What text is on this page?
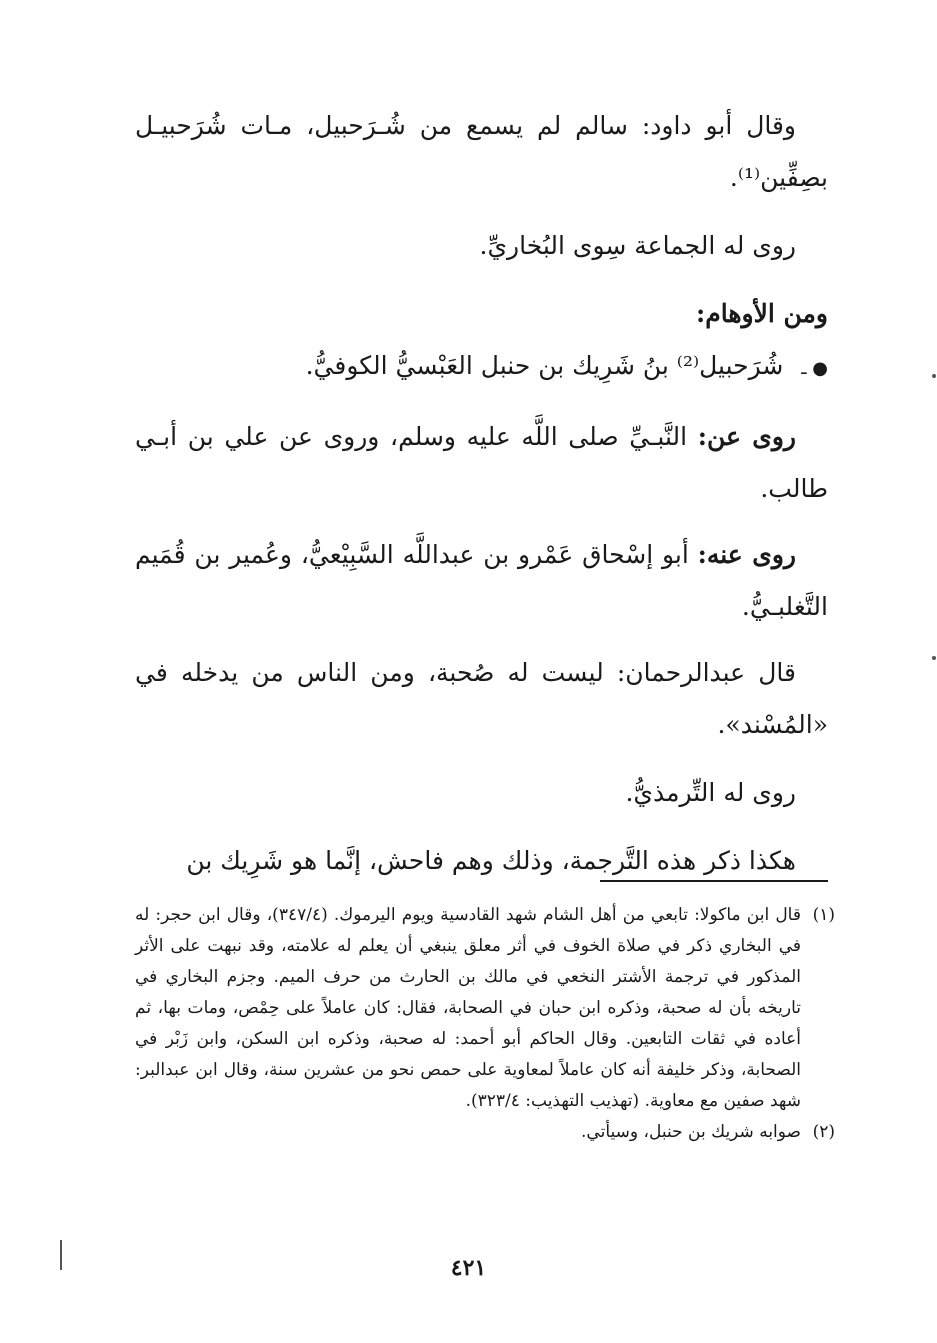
وقال أبو داود: سالم لم يسمع من شُـرَحبيل، مـات شُرَحبيـل بصِفِّين⁽¹⁾.

روى له الجماعة سِوى البُخاريِّ.

ومن الأوهام:

● ـ شُرَحبيل⁽²⁾ بنُ شَرِيك بن حنبل العَبْسيُّ الكوفيُّ.

روى عن: النَّبـيِّ صلى اللَّه عليه وسلم، وروى عن علي بن أبـي طالب.

روى عنه: أبو إسْحاق عَمْرو بن عبداللَّه السَّبِيْعيُّ، وعُمير بن قُمَيم التَّغلبـيُّ.

قال عبدالرحمان: ليست له صُحبة، ومن الناس من يدخله في «المُسْند».

روى له التِّرمذيُّ.

هكذا ذكر هذه التَّرجمة، وذلك وهم فاحش، إنَّما هو شَرِيك بن

(١)قال ابن ماكولا: تابعي من أهل الشام شهد القادسية ويوم اليرموك. (٣٤٧/٤)، وقال ابن حجر: له في البخاري ذكر في صلاة الخوف في أثر معلق ينبغي أن يعلم له علامته، وقد نبهت على الأثر المذكور في ترجمة الأشتر النخعي في مالك بن الحارث من حرف الميم. وجزم البخاري في تاريخه بأن له صحبة، وذكره ابن حبان في الصحابة، فقال: كان عاملاً على حِمْص، ومات بها، ثم أعاده في ثقات التابعين. وقال الحاكم أبو أحمد: له صحبة، وذكره ابن السكن، وابن زَبْر في الصحابة، وذكر خليفة أنه كان عاملاً لمعاوية على حمص نحو من عشرين سنة، وقال ابن عبدالبر: شهد صفين مع معاوية. (تهذيب التهذيب: ٣٢٣/٤).

(٢)صوابه شريك بن حنبل، وسيأتي.

٤٢١
